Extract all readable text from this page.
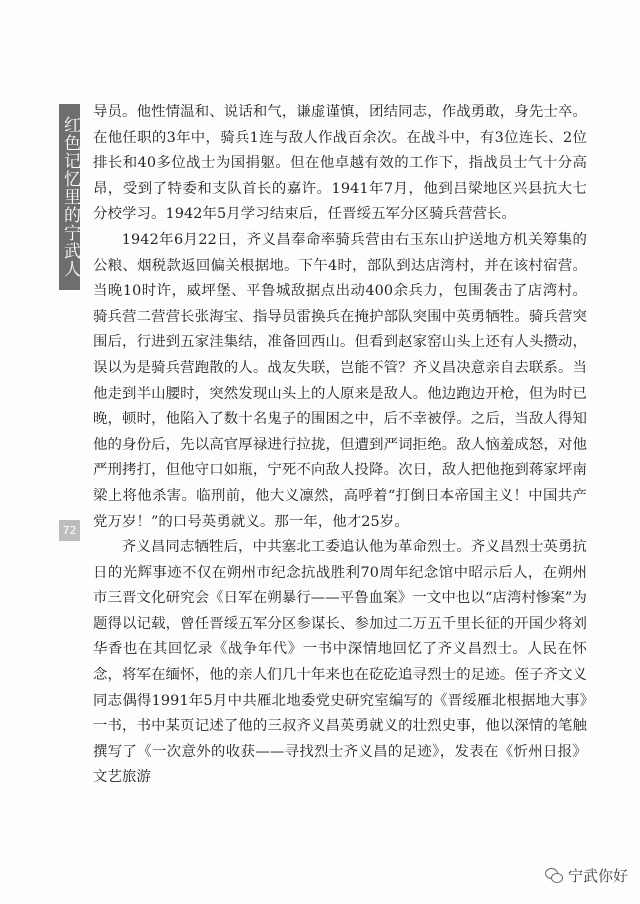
红色记忆里的宁武人
72

导员。他性情温和、说话和气，谦虚谨慎，团结同志，作战勇敢，身先士卒。在他任职的3年中，骑兵1连与敌人作战百余次。在战斗中，有3位连长、2位排长和40多位战士为国捐躯。但在他卓越有效的工作下，指战员士气十分高昂，受到了特委和支队首长的嘉许。1941年7月，他到吕梁地区兴县抗大七分校学习。1942年5月学习结束后，任晋绥五军分区骑兵营营长。

1942年6月22日，齐义昌奉命率骑兵营由右玉东山护送地方机关筹集的公粮、烟税款返回偏关根据地。下午4时，部队到达店湾村，并在该村宿营。当晚10时许，威坪堡、平鲁城敌据点出动400余兵力，包围袭击了店湾村。骑兵营二营营长张海宝、指导员雷换兵在掩护部队突围中英勇牺牲。骑兵营突围后，行进到五家洼集结，准备回西山。但看到赵家窑山头上还有人头攒动，误以为是骑兵营跑散的人。战友失联，岂能不管？齐义昌决意亲自去联系。当他走到半山腰时，突然发现山头上的人原来是敌人。他边跑边开枪，但为时已晚，顿时，他陷入了数十名鬼子的围困之中，后不幸被俘。之后，当敌人得知他的身份后，先以高官厚禄进行拉拢，但遭到严词拒绝。敌人恼羞成怒，对他严刑拷打，但他守口如瓶，宁死不向敌人投降。次日，敌人把他拖到蒋家坪南梁上将他杀害。临刑前，他大义凛然，高呼着“打倒日本帝国主义！中国共产党万岁！”的口号英勇就义。那一年，他才25岁。

齐义昌同志牺牲后，中共塞北工委追认他为革命烈士。齐义昌烈士英勇抗日的光辉事迹不仅在朔州市纪念抗战胜利70周年纪念馆中昭示后人，在朔州市三晋文化研究会《日军在朔暴行——平鲁血案》一文中也以“店湾村惨案”为题得以记载，曾任晋绥五军分区参谋长、参加过二万五千里长征的开国少将刘华香也在其回忆录《战争年代》一书中深情地回忆了齐义昌烈士。人民在怀念，将军在缅怀，他的亲人们几十年来也在矻矻追寻烈士的足迹。侄子齐文义同志偶得1991年5月中共雁北地委党史研究室编写的《晋绥雁北根据地大事》一书，书中某页记述了他的三叔齐义昌英勇就义的壮烈史事，他以深情的笔触撰写了《一次意外的收获——寻找烈士齐义昌的足迹》，发表在《忻州日报》文艺旅游

宁武你好
